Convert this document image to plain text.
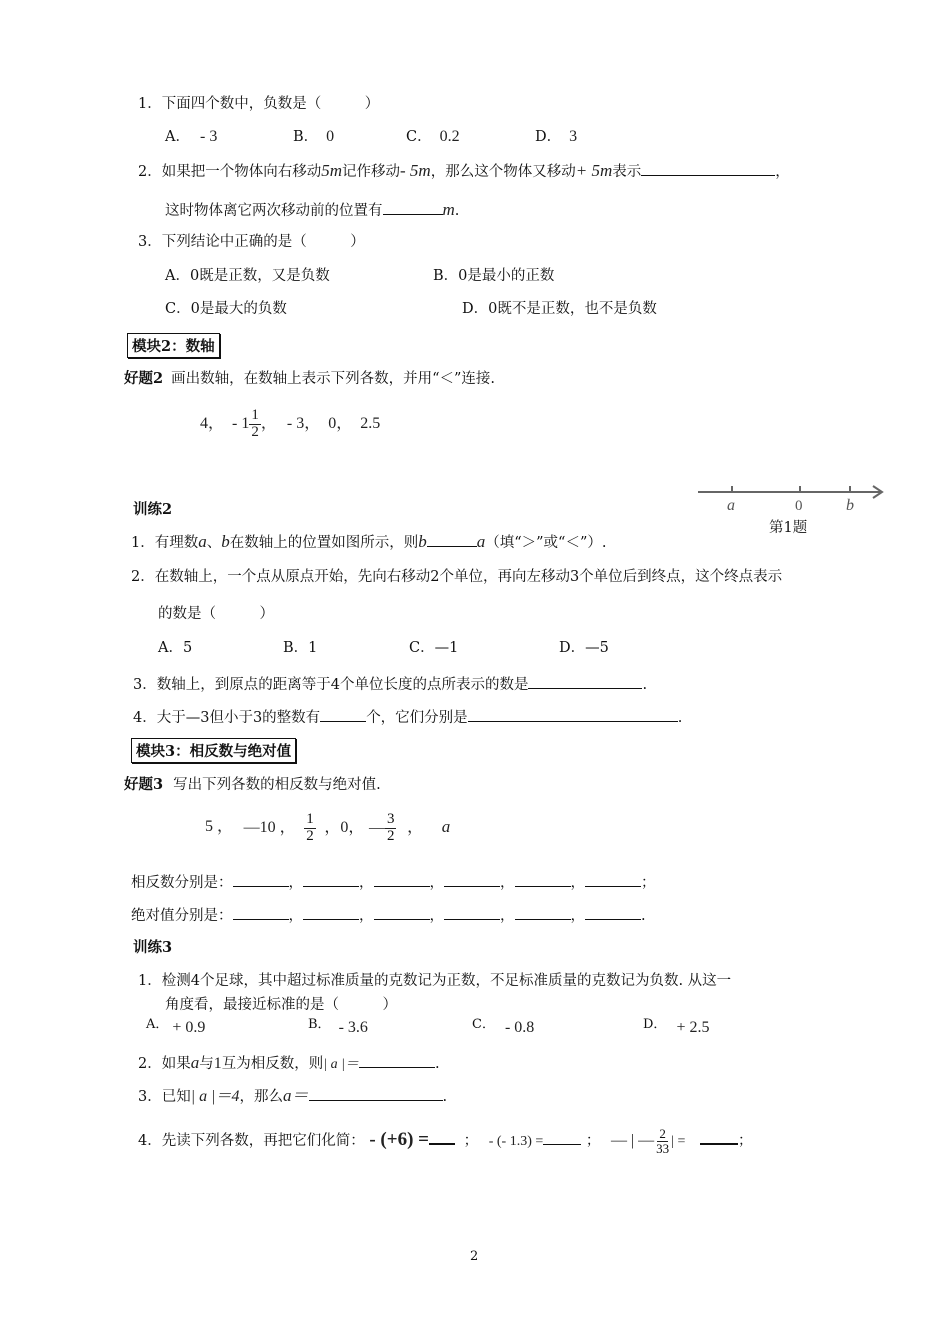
1．下面四个数中，负数是（　　　）
A． - 3	B． 0	C． 0.2	D． 3
2．如果把一个物体向右移动5m记作移动- 5m，那么这个物体又移动+ 5m表示	，
这时物体离它两次移动前的位置有	m.
3．下列结论中正确的是（　　　）
A．0既是正数，又是负数	B．0是最小的正数
C．0是最大的负数	D．0既不是正数，也不是负数
模块2：数轴
好题2 画出数轴，在数轴上表示下列各数，并用“＜”连接.
4， - $1 \frac{1}{2}$ ， - 3， 0， 2.5
a	0	b
第1题
训练2
1．有理数a、b在数轴上的位置如图所示，则b	a（填“＞”或“＜”）.
2．在数轴上，一个点从原点开始，先向右移动2个单位，再向左移动3个单位后到终点，这个终点表示
的数是（　　　）
A．5	B．1	C．—1	D．—5
3．数轴上，到原点的距离等于4个单位长度的点所表示的数是	.
4．大于—3但小于3的整数有	个，它们分别是	.
模块3：相反数与绝对值
好题3 写出下列各数的相反数与绝对值.
5 ， —10 ， $\frac{1}{2}$ ，0， — $\frac{3}{2}$ ， a
相反数分别是：	，	，	，	，	，	；
绝对值分别是：	，	，	，	，	，	.
训练3
1．检测4个足球，其中超过标准质量的克数记为正数，不足标准质量的克数记为负数. 从这一
角度看，最接近标准的是（　　　）
A． + 0.9	B． - 3.6	C． - 0.8	D． + 2.5
2．如果a与1互为相反数，则| a |＝	.
3．已知| a |＝4，那么a＝	.
4．先读下列各数，再把它们化简： - (+6) = ； - (- 1.3) =	； — | — $\frac{2}{33}$ | =	；
2
